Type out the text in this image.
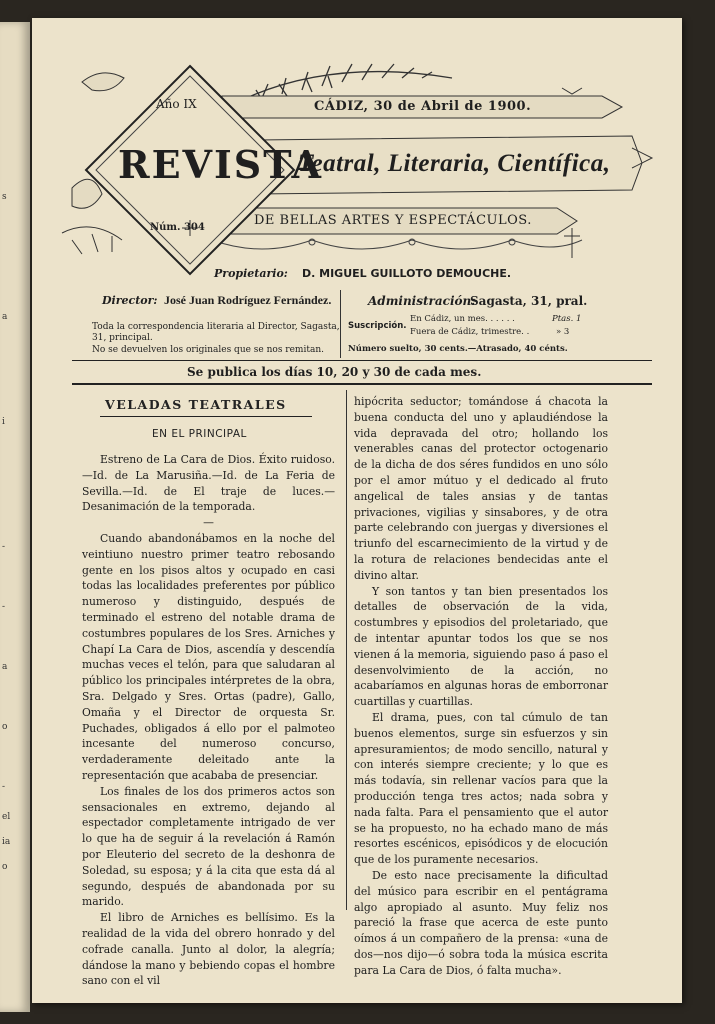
s
a
i
-
-
a
o
-
el
ia
o
Año IX	CÁDIZ, 30 de Abril de 1900.
REVISTA
Teatral, Literaria, Científica,
Núm. 304	DE BELLAS ARTES Y ESPECTÁCULOS.
Propietario: D. MIGUEL GUILLOTO DEMOUCHE.
Director: José Juan Rodríguez Fernández.	Administración:
Sagasta, 31, pral.
Toda la correspondencia literaria al Director, Sagasta, 31, principal.
No se devuelven los originales que se nos remitan.
Suscripción.
En Cádiz, un mes. . . . . .	Ptas. 1
Fuera de Cádiz, trimestre. .	» 3
Número suelto, 30 cents.—Atrasado, 40 cénts.
Se publica los días 10, 20 y 30 de cada mes.
VELADAS TEATRALES
EN EL PRINCIPAL

Estreno de La Cara de Dios. Éxito ruidoso.—Id. de La Marusiña.—Id. de La Feria de Sevilla.—Id. de El traje de luces.—Desanimación de la temporada.

—

Cuando abandonábamos en la noche del veintiuno nuestro primer teatro rebosando gente en los pisos altos y ocupado en casi todas las localidades preferentes por público numeroso y distinguido, después de terminado el estreno del notable drama de costumbres populares de los Sres. Arniches y Chapí La Cara de Dios, ascendía y descendía muchas veces el telón, para que saludaran al público los principales intérpretes de la obra, Sra. Delgado y Sres. Ortas (padre), Gallo, Omaña y el Director de orquesta Sr. Puchades, obligados á ello por el palmoteo incesante del numeroso concurso, verdaderamente deleitado ante la representación que acababa de presenciar.

Los finales de los dos primeros actos son sensacionales en extremo, dejando al espectador completamente intrigado de ver lo que ha de seguir á la revelación á Ramón por Eleuterio del secreto de la deshonra de Soledad, su esposa; y á la cita que esta dá al segundo, después de abandonada por su marido.

El libro de Arniches es bellísimo. Es la realidad de la vida del obrero honrado y del cofrade canalla. Junto al dolor, la alegría; dándose la mano y bebiendo copas el hombre sano con el vil

hipócrita seductor; tomándose á chacota la buena conducta del uno y aplaudiéndose la vida depravada del otro; hollando los venerables canas del protector octogenario de la dicha de dos séres fundidos en uno sólo por el amor mútuo y el dedicado al fruto angelical de tales ansias y de tantas privaciones, vigilias y sinsabores, y de otra parte celebrando con juergas y diversiones el triunfo del escarnecimiento de la virtud y de la rotura de relaciones bendecidas ante el divino altar.

Y son tantos y tan bien presentados los detalles de observación de la vida, costumbres y episodios del proletariado, que de intentar apuntar todos los que se nos vienen á la memoria, siguiendo paso á paso el desenvolvimiento de la acción, no acabaríamos en algunas horas de emborronar cuartillas y cuartillas.

El drama, pues, con tal cúmulo de tan buenos elementos, surge sin esfuerzos y sin apresuramientos; de modo sencillo, natural y con interés siempre creciente; y lo que es más todavía, sin rellenar vacíos para que la producción tenga tres actos; nada sobra y nada falta. Para el pensamiento que el autor se ha propuesto, no ha echado mano de más resortes escénicos, episódicos y de elocución que de los puramente necesarios.

De esto nace precisamente la dificultad del músico para escribir en el pentágrama algo apropiado al asunto. Muy feliz nos pareció la frase que acerca de este punto oímos á un compañero de la prensa: «una de dos—nos dijo—ó sobra toda la música escrita para La Cara de Dios, ó falta mucha».
